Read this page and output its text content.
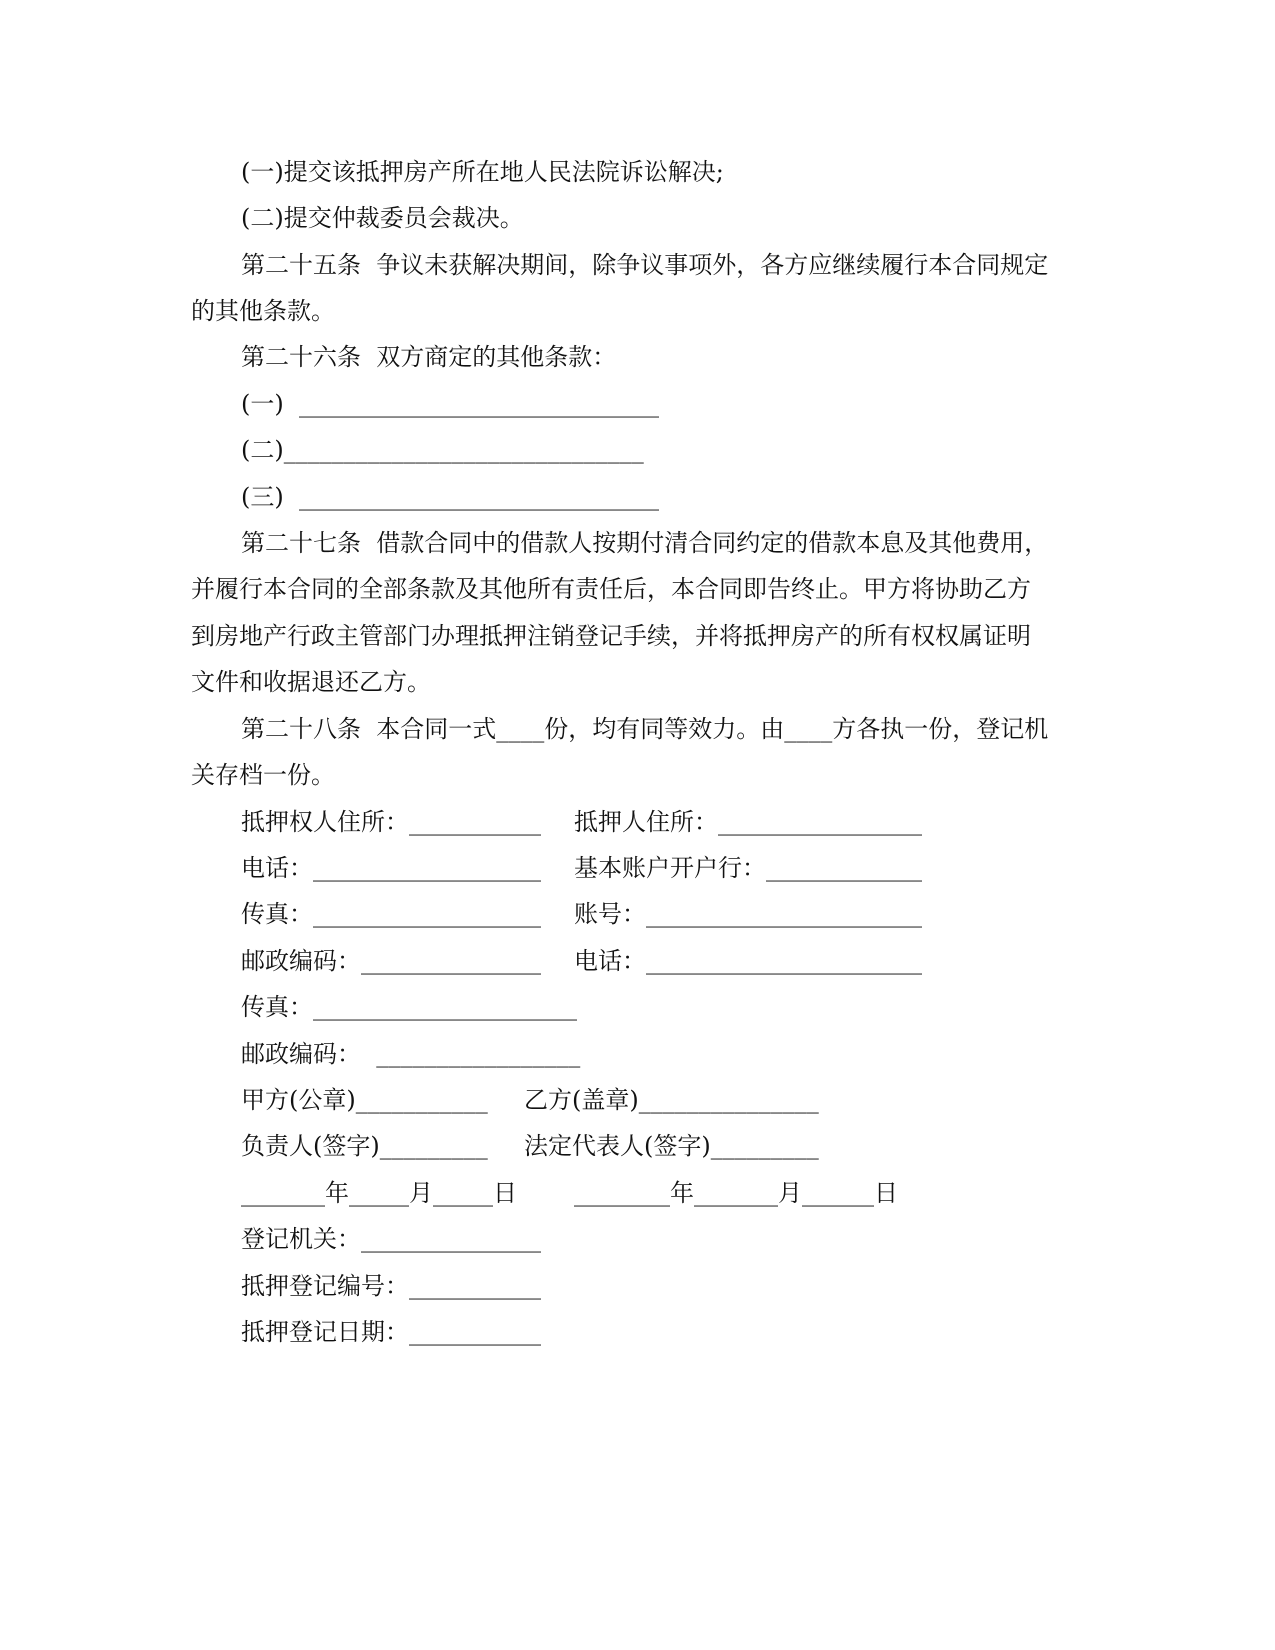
(一)提交该抵押房产所在地人民法院诉讼解决;
(二)提交仲裁委员会裁决。
第二十五条  争议未获解决期间，除争议事项外，各方应继续履行本合同规定
的其他条款。
第二十六条  双方商定的其他条款：
(一)  ______________________________
(二)______________________________
(三)  ______________________________
第二十七条  借款合同中的借款人按期付清合同约定的借款本息及其他费用，
并履行本合同的全部条款及其他所有责任后，本合同即告终止。甲方将协助乙方
到房地产行政主管部门办理抵押注销登记手续，并将抵押房产的所有权权属证明
文件和收据退还乙方。
第二十八条  本合同一式____份，均有同等效力。由____方各执一份，登记机
关存档一份。
抵押权人住所：___________ 抵押人住所：_________________
电话：___________________ 基本账户开户行：_____________
传真：___________________ 账号：_______________________
邮政编码：_______________ 电话：_______________________
传真：______________________
邮政编码：  _________________
甲方(公章)___________ 乙方(盖章)_______________
负责人(签字)_________ 法定代表人(签字)_________
_______年_____月_____日 ________年_______月______日
登记机关：_______________
抵押登记编号：___________
抵押登记日期：___________
